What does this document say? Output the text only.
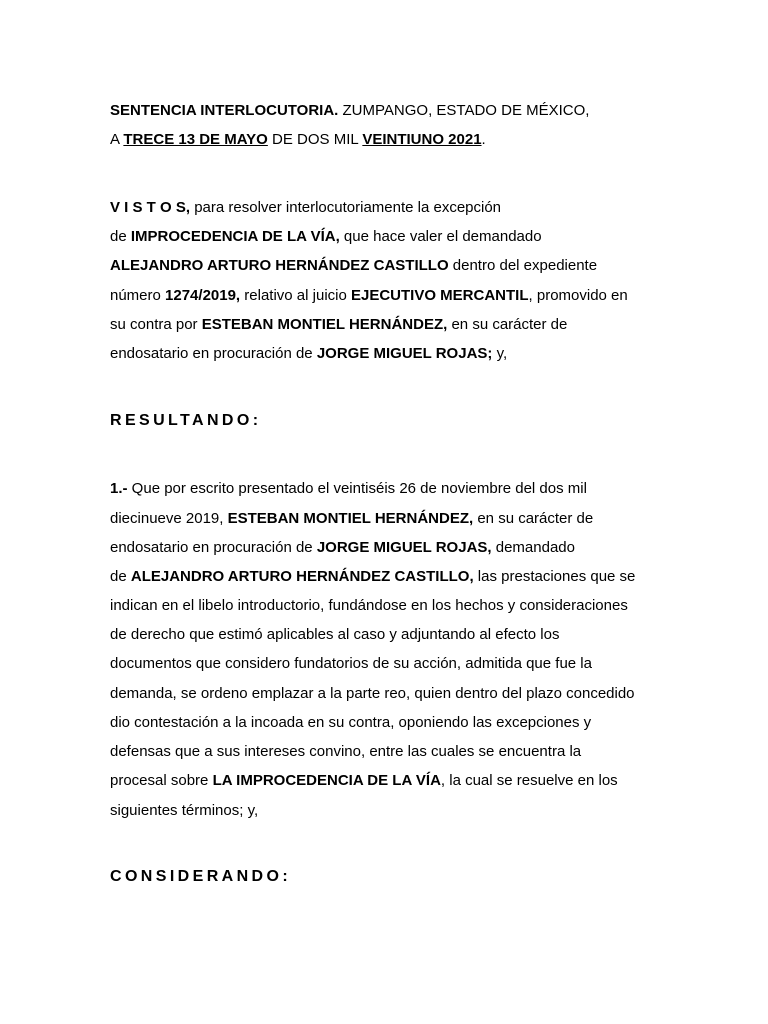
SENTENCIA INTERLOCUTORIA. ZUMPANGO, ESTADO DE MÉXICO,

A TRECE 13 DE MAYO DE DOS MIL VEINTIUNO 2021.

V I S T O S, para resolver interlocutoriamente la excepción

de IMPROCEDENCIA DE LA VÍA, que hace valer el demandado

ALEJANDRO ARTURO HERNÁNDEZ CASTILLO dentro del expediente

número 1274/2019, relativo al juicio EJECUTIVO MERCANTIL, promovido en

su contra por ESTEBAN MONTIEL HERNÁNDEZ, en su carácter de

endosatario en procuración de JORGE MIGUEL ROJAS; y,

RESULTANDO:

1.- Que por escrito presentado el veintiséis 26 de noviembre del dos mil

diecinueve 2019, ESTEBAN MONTIEL HERNÁNDEZ, en su carácter de

endosatario en procuración de JORGE MIGUEL ROJAS, demandado

de ALEJANDRO ARTURO HERNÁNDEZ CASTILLO, las prestaciones que se

indican en el libelo introductorio, fundándose en los hechos y consideraciones

de derecho que estimó aplicables al caso y adjuntando al efecto los

documentos que considero fundatorios de su acción, admitida que fue la

demanda, se ordeno emplazar a la parte reo, quien dentro del plazo concedido

dio contestación a la incoada en su contra, oponiendo las excepciones y

defensas que a sus intereses convino, entre las cuales se encuentra la

procesal sobre LA IMPROCEDENCIA DE LA VÍA, la cual se resuelve en los

siguientes términos; y,

CONSIDERANDO:
